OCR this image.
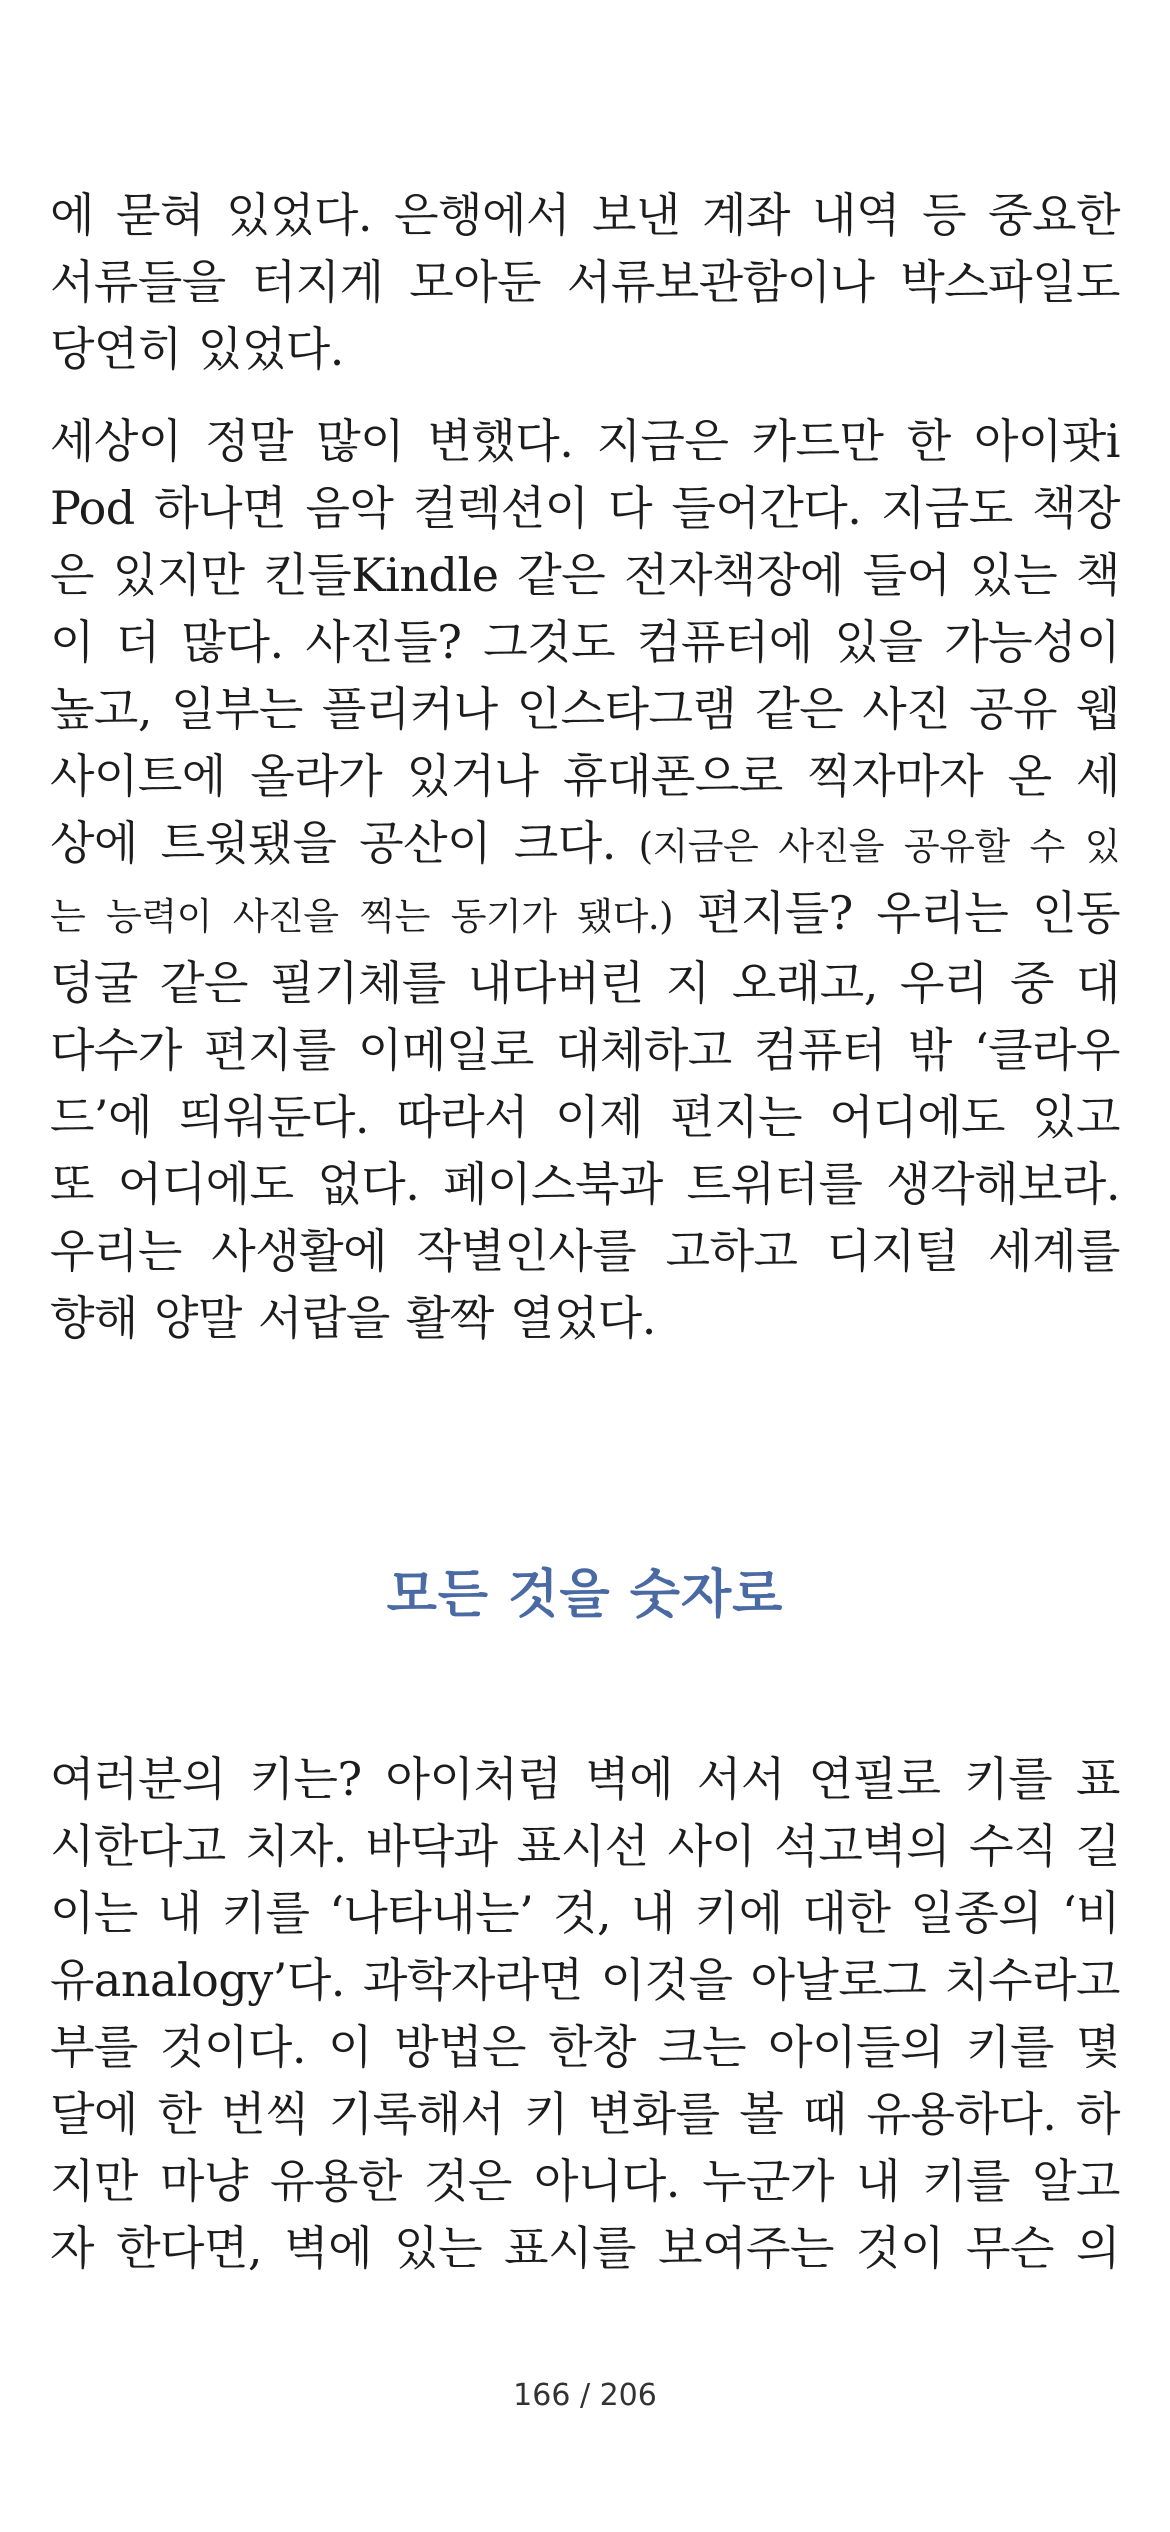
에 묻혀 있었다. 은행에서 보낸 계좌 내역 등 중요한
서류들을 터지게 모아둔 서류보관함이나 박스파일도
당연히 있었다.

세상이 정말 많이 변했다. 지금은 카드만 한 아이팟i
Pod 하나면 음악 컬렉션이 다 들어간다. 지금도 책장
은 있지만 킨들Kindle 같은 전자책장에 들어 있는 책
이 더 많다. 사진들? 그것도 컴퓨터에 있을 가능성이
높고, 일부는 플리커나 인스타그램 같은 사진 공유 웹
사이트에 올라가 있거나 휴대폰으로 찍자마자 온 세
상에 트윗됐을 공산이 크다. (지금은 사진을 공유할 수 있
는 능력이 사진을 찍는 동기가 됐다.) 편지들? 우리는 인동
덩굴 같은 필기체를 내다버린 지 오래고, 우리 중 대
다수가 편지를 이메일로 대체하고 컴퓨터 밖 ‘클라우
드’에 띄워둔다. 따라서 이제 편지는 어디에도 있고
또 어디에도 없다. 페이스북과 트위터를 생각해보라.
우리는 사생활에 작별인사를 고하고 디지털 세계를
향해 양말 서랍을 활짝 열었다.

모든 것을 숫자로

여러분의 키는? 아이처럼 벽에 서서 연필로 키를 표
시한다고 치자. 바닥과 표시선 사이 석고벽의 수직 길
이는 내 키를 ‘나타내는’ 것, 내 키에 대한 일종의 ‘비
유analogy’다. 과학자라면 이것을 아날로그 치수라고
부를 것이다. 이 방법은 한창 크는 아이들의 키를 몇
달에 한 번씩 기록해서 키 변화를 볼 때 유용하다. 하
지만 마냥 유용한 것은 아니다. 누군가 내 키를 알고
자 한다면, 벽에 있는 표시를 보여주는 것이 무슨 의

166 / 206
